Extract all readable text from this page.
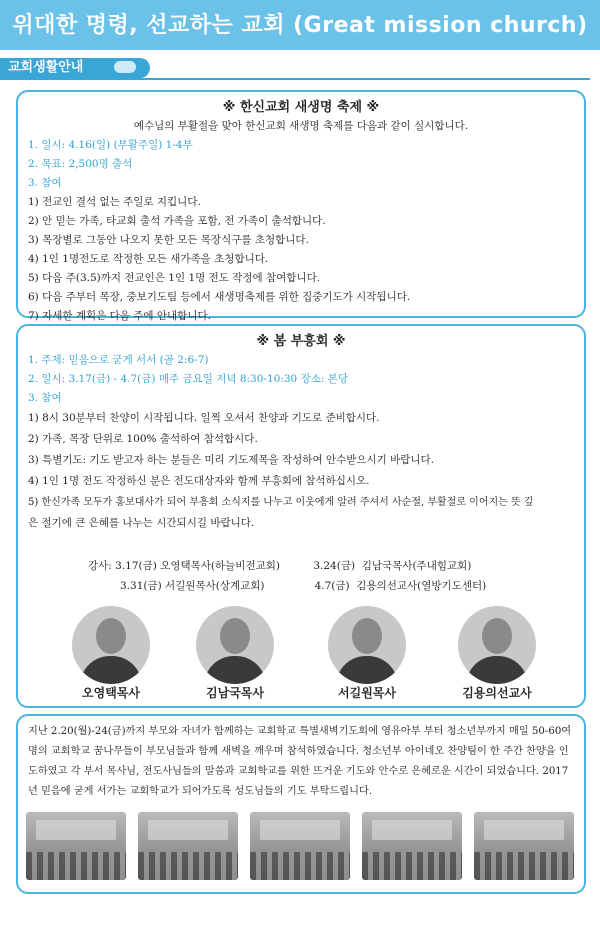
위대한 명령, 선교하는 교회 (Great mission church)
교회생활안내
※ 한신교회 새생명 축제 ※
예수님의 부활절을 맞아 한신교회 새생명 축제를 다음과 같이 실시합니다.
1. 일시: 4.16(일) (부활주일) 1-4부
2. 목표: 2,500명 출석
3. 참여
1) 전교인 결석 없는 주일로 지킵니다.
2) 안 믿는 가족, 타교회 출석 가족을 포함, 전 가족이 출석합니다.
3) 목장별로 그동안 나오지 못한 모든 목장식구를 초청합니다.
4) 1인 1명전도로 작정한 모든 새가족을 초청합니다.
5) 다음 주(3.5)까지 전교인은 1인 1명 전도 작정에 참여합니다.
6) 다음 주부터 목장, 중보기도팀 등에서 새생명축제를 위한 집중기도가 시작됩니다.
7) 자세한 계획은 다음 주에 안내합니다.
※ 봄 부흥회 ※
1. 주제: 믿음으로 굳게 서서 (골 2:6-7)
2. 일시: 3.17(금) - 4.7(금) 매주 금요일 저녁 8:30-10:30 장소: 본당
3. 참여
1) 8시 30분부터 찬양이 시작됩니다. 일찍 오셔서 찬양과 기도로 준비합시다.
2) 가족, 목장 단위로 100% 출석하여 참석합시다.
3) 특별기도: 기도 받고자 하는 분들은 미리 기도제목을 작성하여 안수받으시기 바랍니다.
4) 1인 1명 전도 작정하신 분은 전도대상자와 함께 부흥회에 참석하십시오.
5) 한신가족 모두가 홍보대사가 되어 부흥회 소식지를 나누고 이웃에게 알려 주셔서 사순절, 부활절로 이어지는 뜻 깊
은 절기에 큰 은혜를 나누는 시간되시길 바랍니다.
강사: 3.17(금) 오영택목사(하늘비전교회)          3.24(금)  김남국목사(주내힘교회)
3.31(금) 서길원목사(상계교회)               4.7(금)  김용의선교사(열방기도센터)
오영택목사	김남국목사	서길원목사	김용의선교사
지난 2.20(월)-24(금)까지 부모와 자녀가 함께하는 교회학교 특별새벽기도회에 영유아부 부터 청소년부까지 매일 50-60여명의 교회학교 꿈나무들이 부모님들과 함께 새벽을 깨우며 참석하였습니다. 청소년부 아이네오 찬양팀이 한 주간 찬양을 인도하였고 각 부서 목사님, 전도사님들의 말씀과 교회학교를 위한 뜨거운 기도와 안수로 은혜로운 시간이 되었습니다. 2017년 믿음에 굳게 서가는 교회학교가 되어가도록 성도님들의 기도 부탁드립니다.
